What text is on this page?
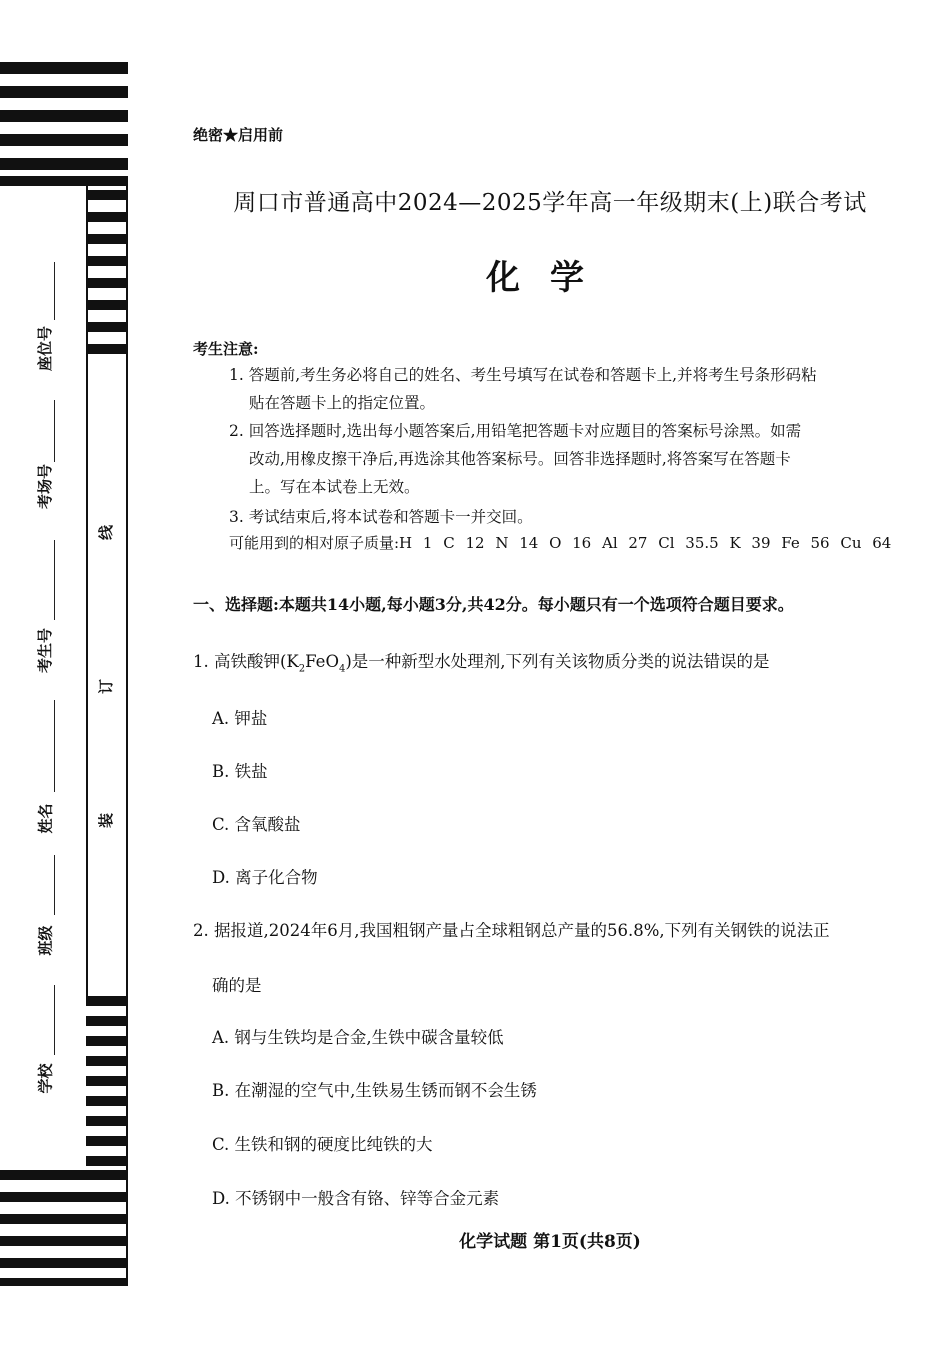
座位号
考场号
考生号
姓名
班级
学校
线
订
装
绝密★启用前
周口市普通高中2024—2025学年高一年级期末(上)联合考试
化学
考生注意:
1. 答题前,考生务必将自己的姓名、考生号填写在试卷和答题卡上,并将考生号条形码粘
贴在答题卡上的指定位置。
2. 回答选择题时,选出每小题答案后,用铅笔把答题卡对应题目的答案标号涂黑。如需
改动,用橡皮擦干净后,再选涂其他答案标号。回答非选择题时,将答案写在答题卡
上。写在本试卷上无效。
3. 考试结束后,将本试卷和答题卡一并交回。
可能用到的相对原子质量:H 1 C 12 N 14 O 16 Al 27 Cl 35.5 K 39 Fe 56 Cu 64
一、选择题:本题共14小题,每小题3分,共42分。每小题只有一个选项符合题目要求。
1. 高铁酸钾$(K_2FeO_4)$是一种新型水处理剂,下列有关该物质分类的说法错误的是
A. 钾盐
B. 铁盐
C. 含氧酸盐
D. 离子化合物
2. 据报道,2024年6月,我国粗钢产量占全球粗钢总产量的56.8%,下列有关钢铁的说法正
确的是
A. 钢与生铁均是合金,生铁中碳含量较低
B. 在潮湿的空气中,生铁易生锈而钢不会生锈
C. 生铁和钢的硬度比纯铁的大
D. 不锈钢中一般含有铬、锌等合金元素
化学试题 第1页(共8页)
